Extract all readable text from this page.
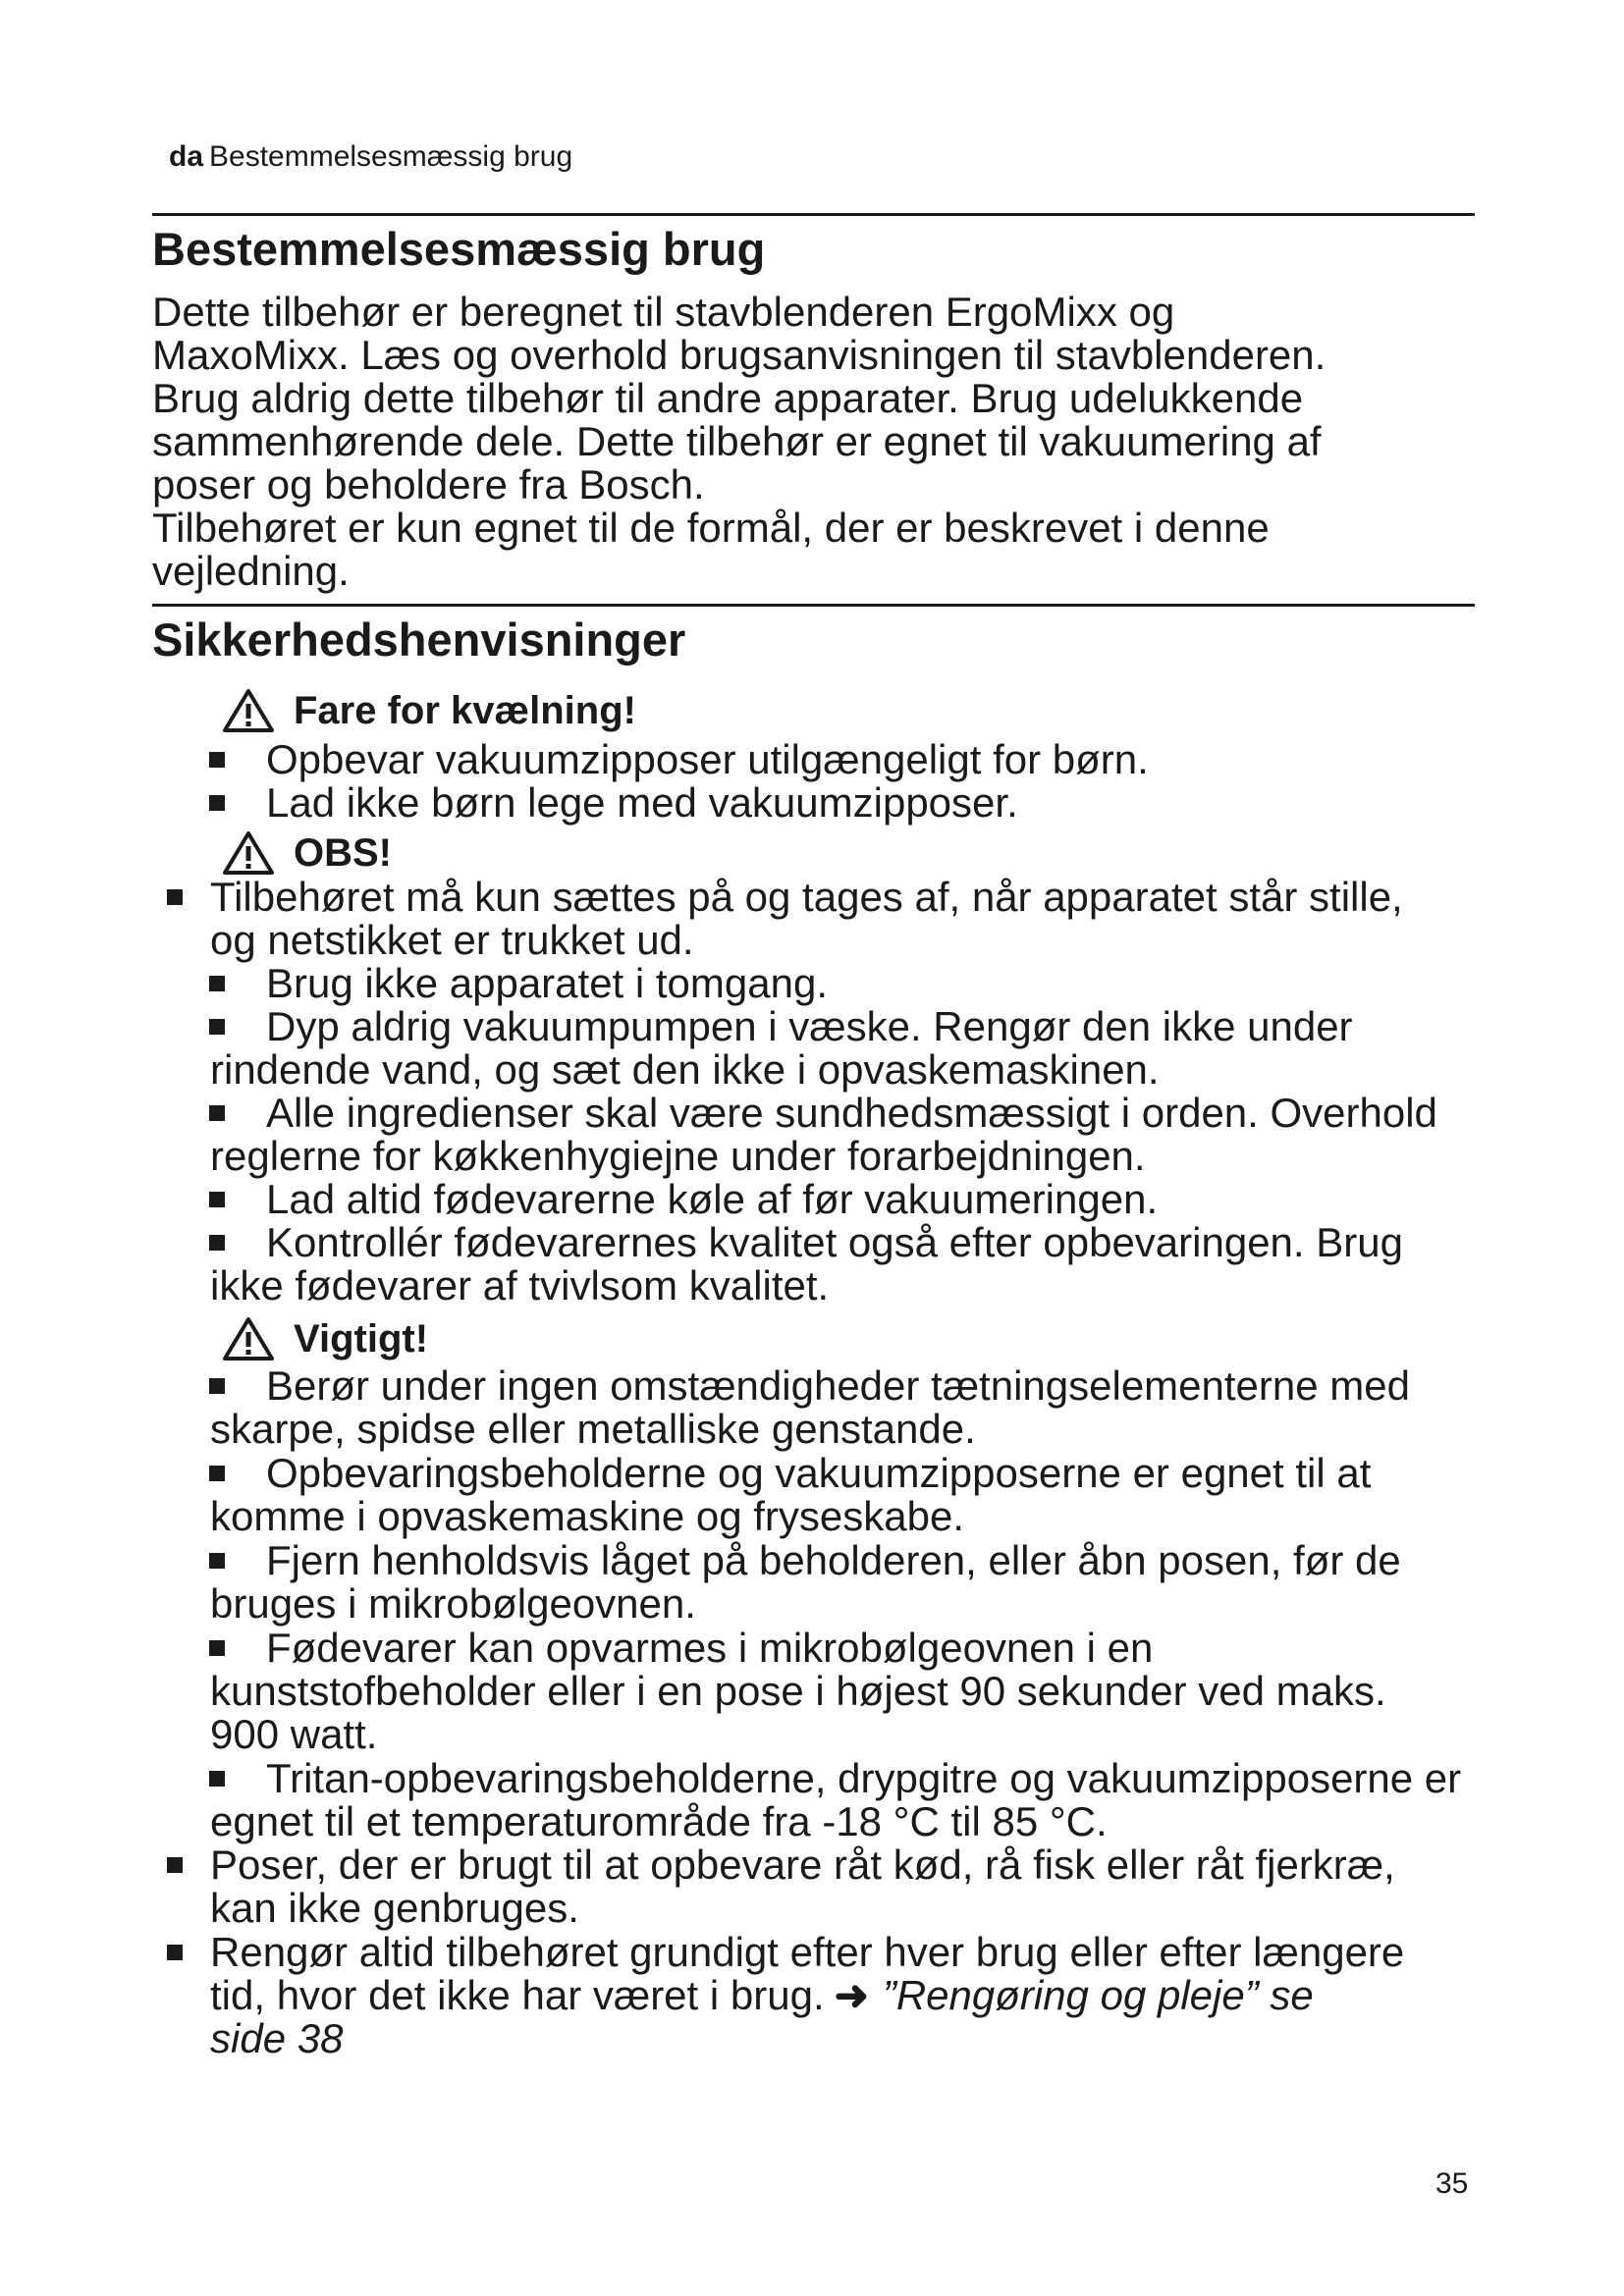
da Bestemmelsesmæssig brug
Bestemmelsesmæssig brug
Dette tilbehør er beregnet til stavblenderen ErgoMixx og
MaxoMixx. Læs og overhold brugsanvisningen til stavblenderen.
Brug aldrig dette tilbehør til andre apparater. Brug udelukkende
sammenhørende dele. Dette tilbehør er egnet til vakuumering af
poser og beholdere fra Bosch.
Tilbehøret er kun egnet til de formål, der er beskrevet i denne
vejledning.
Sikkerhedshenvisninger
Fare for kvælning!
Opbevar vakuumzipposer utilgængeligt for børn.
Lad ikke børn lege med vakuumzipposer.
OBS!
Tilbehøret må kun sættes på og tages af, når apparatet står stille,
og netstikket er trukket ud.
Brug ikke apparatet i tomgang.
Dyp aldrig vakuumpumpen i væske. Rengør den ikke under
rindende vand, og sæt den ikke i opvaskemaskinen.
Alle ingredienser skal være sundhedsmæssigt i orden. Overhold
reglerne for køkkenhygiejne under forarbejdningen.
Lad altid fødevarerne køle af før vakuumeringen.
Kontrollér fødevarernes kvalitet også efter opbevaringen. Brug
ikke fødevarer af tvivlsom kvalitet.
Vigtigt!
Berør under ingen omstændigheder tætningselementerne med
skarpe, spidse eller metalliske genstande.
Opbevaringsbeholderne og vakuumzipposerne er egnet til at
komme i opvaskemaskine og fryseskabe.
Fjern henholdsvis låget på beholderen, eller åbn posen, før de
bruges i mikrobølgeovnen.
Fødevarer kan opvarmes i mikrobølgeovnen i en
kunststofbeholder eller i en pose i højest 90 sekunder ved maks.
900 watt.
Tritan-opbevaringsbeholderne, drypgitre og vakuumzipposerne er
egnet til et temperaturområde fra -18 °C til 85 °C.
Poser, der er brugt til at opbevare råt kød, rå fisk eller råt fjerkræ,
kan ikke genbruges.
Rengør altid tilbehøret grundigt efter hver brug eller efter længere
tid, hvor det ikke har været i brug. ➜ ”Rengøring og pleje” se
side 38
35
